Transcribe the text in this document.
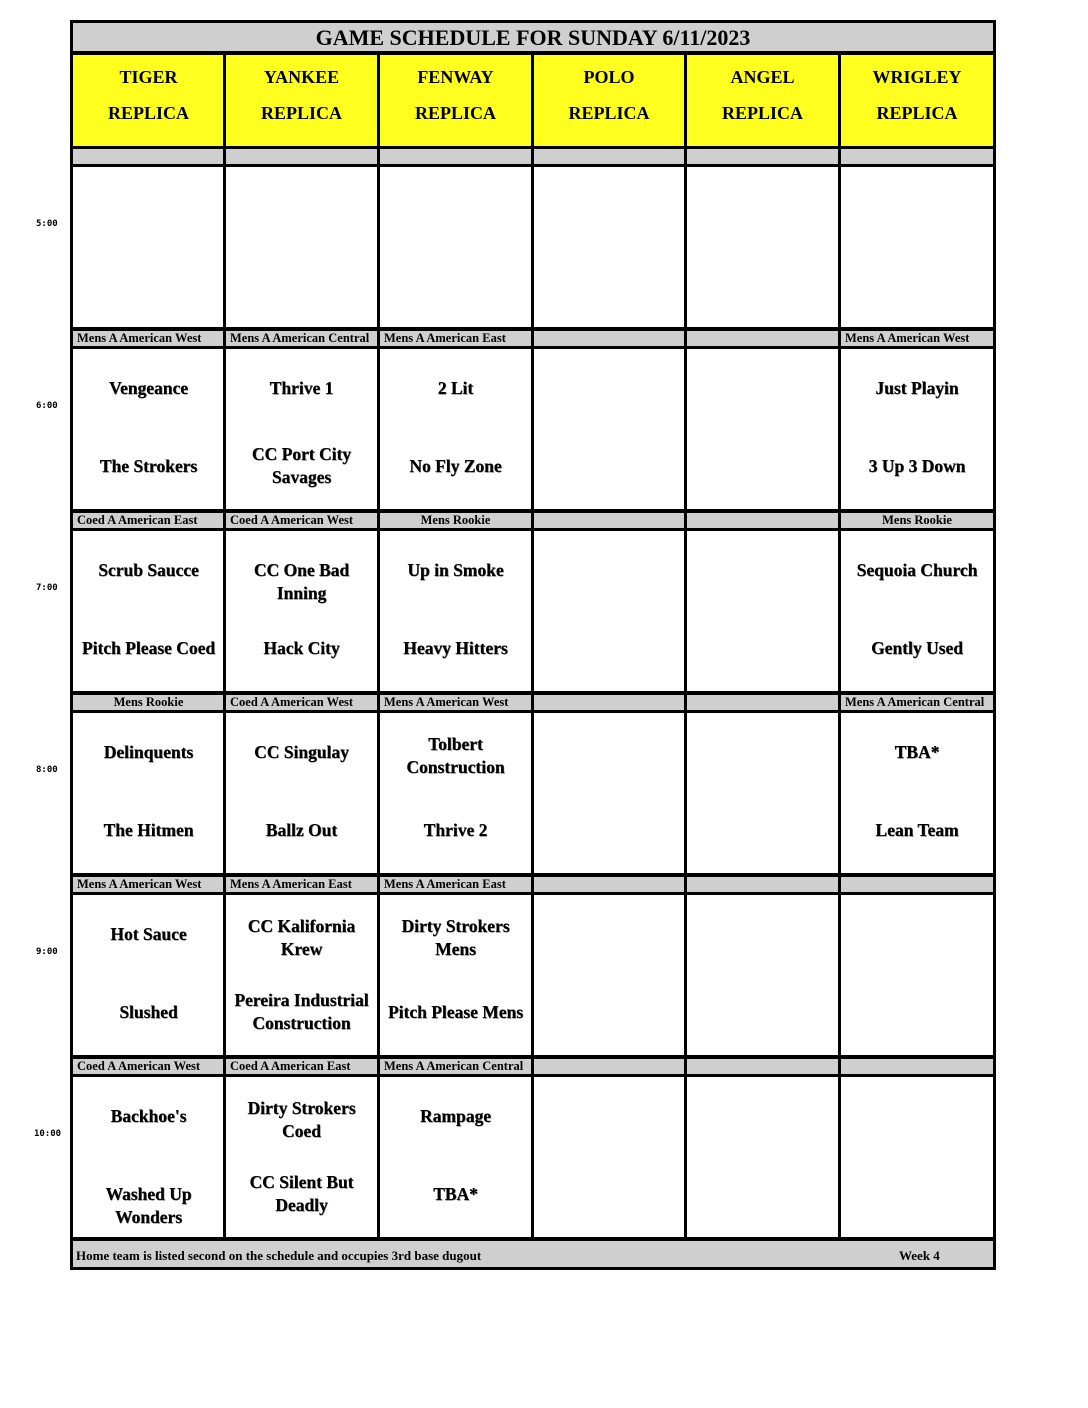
GAME SCHEDULE FOR SUNDAY 6/11/2023
TIGER
REPLICA
YANKEE
REPLICA
FENWAY
REPLICA
POLO
REPLICA
ANGEL
REPLICA
WRIGLEY
REPLICA
Mens A American West
Vengeance
The Strokers
Mens A American Central
Thrive 1
CC Port City Savages
Mens A American East
2 Lit
No Fly Zone
Mens A American West
Just Playin
3 Up 3 Down
Coed A American East
Scrub Saucce
Pitch Please Coed
Coed A American West
CC One Bad Inning
Hack City
Mens Rookie
Up in Smoke
Heavy Hitters
Mens Rookie
Sequoia Church
Gently Used
Mens Rookie
Delinquents
The Hitmen
Coed A American West
CC Singulay
Ballz Out
Mens A American West
Tolbert Construction
Thrive 2
Mens A American Central
TBA*
Lean Team
Mens A American West
Hot Sauce
Slushed
Mens A American East
CC Kalifornia Krew
Pereira Industrial Construction
Mens A American East
Dirty Strokers Mens
Pitch Please Mens
Coed A American West
Backhoe's
Washed Up Wonders
Coed A American East
Dirty Strokers Coed
CC Silent But Deadly
Mens A American Central
Rampage
TBA*
Home team is listed second on the schedule and occupies 3rd base dugout	Week 4
5:00
6:00
7:00
8:00
9:00
10:00
